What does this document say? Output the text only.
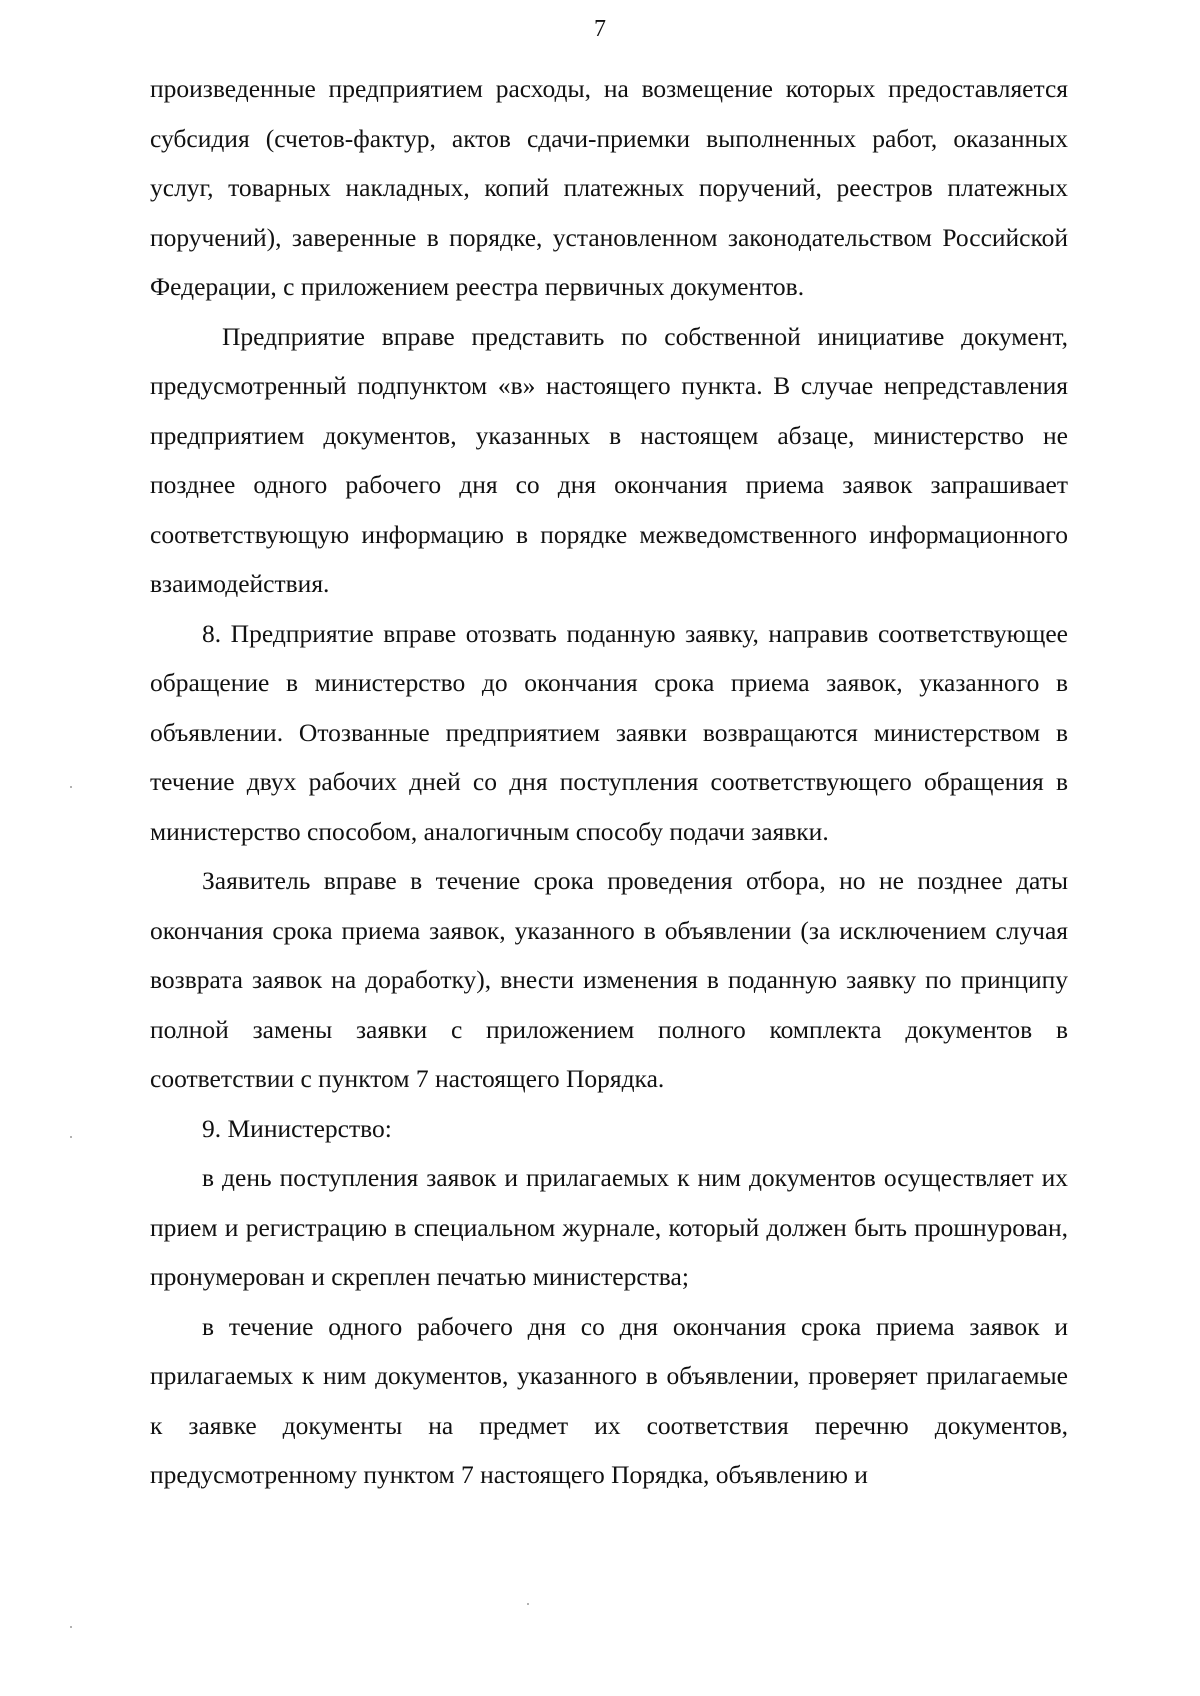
7

произведенные предприятием расходы, на возмещение которых предоставляется субсидия (счетов-фактур, актов сдачи-приемки выполненных работ, оказанных услуг, товарных накладных, копий платежных поручений, реестров платежных поручений), заверенные в порядке, установленном законодательством Российской Федерации, с приложением реестра первичных документов.

Предприятие вправе представить по собственной инициативе документ, предусмотренный подпунктом «в» настоящего пункта. В случае непредставления предприятием документов, указанных в настоящем абзаце, министерство не позднее одного рабочего дня со дня окончания приема заявок запрашивает соответствующую информацию в порядке межведомственного информационного взаимодействия.

8. Предприятие вправе отозвать поданную заявку, направив соответствующее обращение в министерство до окончания срока приема заявок, указанного в объявлении. Отозванные предприятием заявки возвращаются министерством в течение двух рабочих дней со дня поступления соответствующего обращения в министерство способом, аналогичным способу подачи заявки.

Заявитель вправе в течение срока проведения отбора, но не позднее даты окончания срока приема заявок, указанного в объявлении (за исключением случая возврата заявок на доработку), внести изменения в поданную заявку по принципу полной замены заявки с приложением полного комплекта документов в соответствии с пунктом 7 настоящего Порядка.

9. Министерство:

в день поступления заявок и прилагаемых к ним документов осуществляет их прием и регистрацию в специальном журнале, который должен быть прошнурован, пронумерован и скреплен печатью министерства;

в течение одного рабочего дня со дня окончания срока приема заявок и прилагаемых к ним документов, указанного в объявлении, проверяет прилагаемые к заявке документы на предмет их соответствия перечню документов, предусмотренному пунктом 7 настоящего Порядка, объявлению и
